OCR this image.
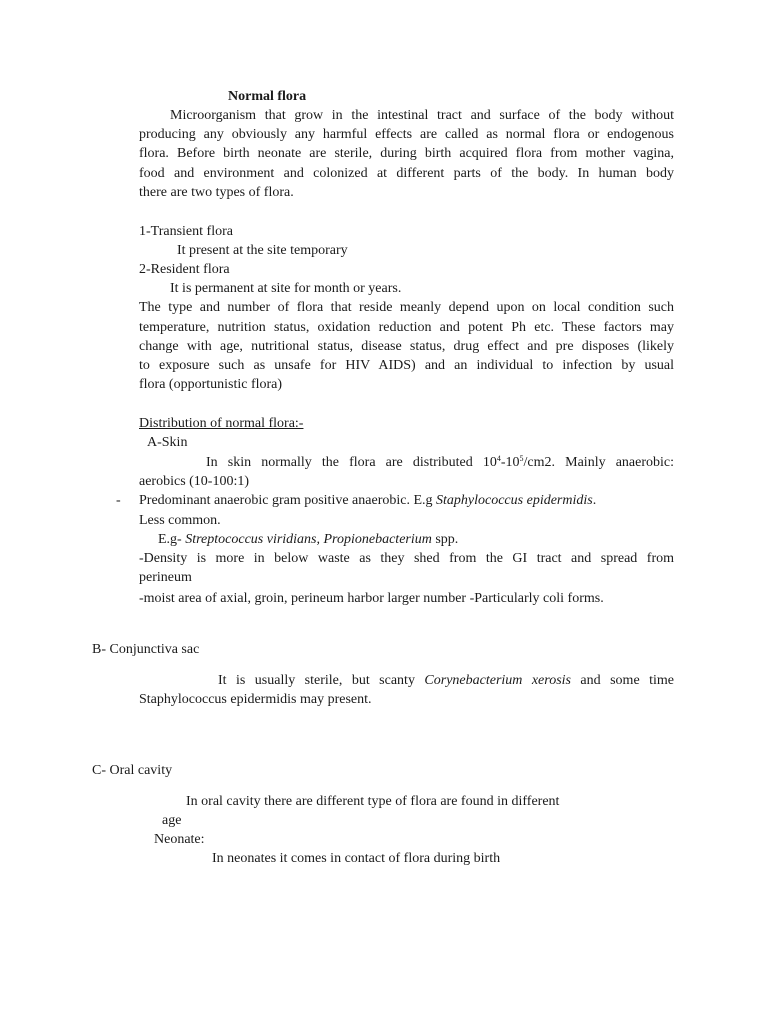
Normal flora
Microorganism that grow in the intestinal tract and surface of the body without
producing any obviously any harmful effects are called as normal flora or endogenous
flora. Before birth neonate are sterile, during birth acquired flora from mother vagina,
food and environment and colonized at different parts of the body. In human body
there are two types of flora.
1-Transient flora
It present at the site temporary
2-Resident flora
It is permanent at site for month or years.
The type and number of flora that reside meanly depend upon on local condition such
temperature, nutrition status, oxidation reduction and potent Ph etc. These factors may
change with age, nutritional status, disease status, drug effect and pre disposes (likely
to exposure such as unsafe for HIV AIDS) and an individual to infection by usual
flora (opportunistic flora)
Distribution of normal flora:-
A-Skin
In skin normally the flora are distributed $10^4-10^5/cm2$. Mainly anaerobic:
aerobics (10-100:1)
- Predominant anaerobic gram positive anaerobic. E.g Staphylococcus epidermidis.
Less common.
E.g- Streptococcus viridians, Propionebacterium spp.
-Density is more in below waste as they shed from the GI tract and spread from
perineum
-moist area of axial, groin, perineum harbor larger number -Particularly coli forms.
B- Conjunctiva sac
It is usually sterile, but scanty Corynebacterium xerosis and some time
Staphylococcus epidermidis may present.
C- Oral cavity
In oral cavity there are different type of flora are found in different
age
Neonate:
In neonates it comes in contact of flora during birth
